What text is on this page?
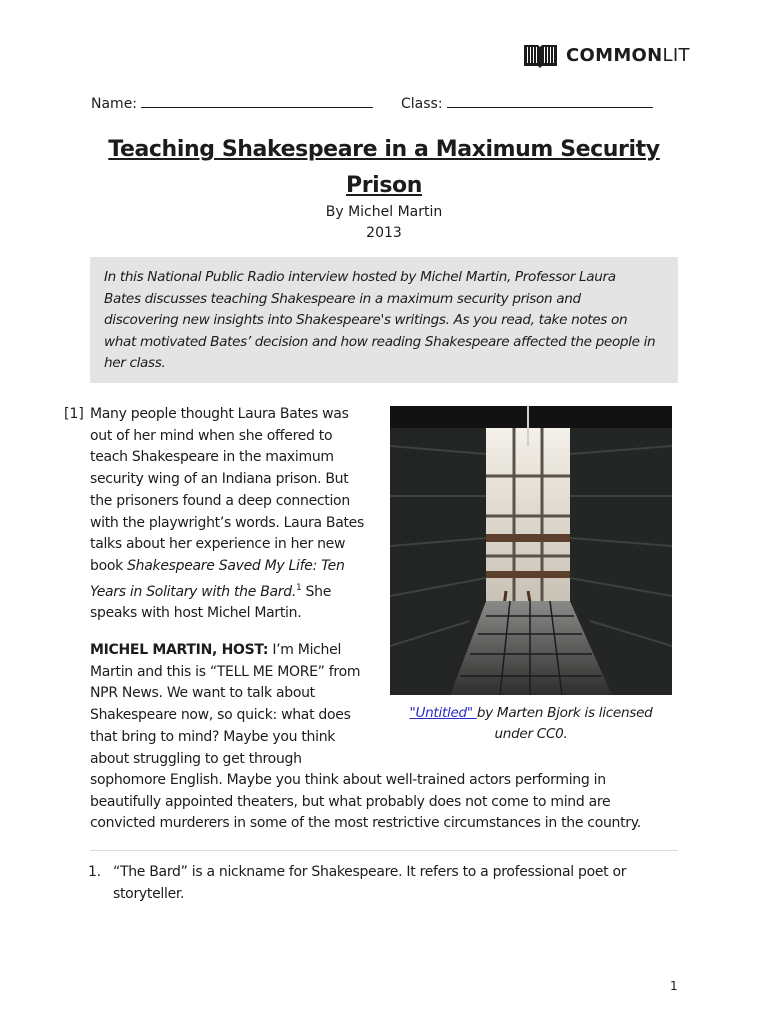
COMMONLIT
Name:	Class:
Teaching Shakespeare in a Maximum Security
Prison
By Michel Martin
2013
In this National Public Radio interview hosted by Michel Martin, Professor Laura
Bates discusses teaching Shakespeare in a maximum security prison and
discovering new insights into Shakespeare's writings. As you read, take notes on
what motivated Bates’ decision and how reading Shakespeare affected the people in
her class.
[1] Many people thought Laura Bates was
out of her mind when she offered to
teach Shakespeare in the maximum
security wing of an Indiana prison. But
the prisoners found a deep connection
with the playwright’s words. Laura Bates
talks about her experience in her new
book Shakespeare Saved My Life: Ten
Years in Solitary with the Bard.$^1$ She
speaks with host Michel Martin.
MICHEL MARTIN, HOST: I’m Michel
Martin and this is “TELL ME MORE” from
NPR News. We want to talk about
Shakespeare now, so quick: what does
that bring to mind? Maybe you think
about struggling to get through
sophomore English. Maybe you think about well-trained actors performing in
beautifully appointed theaters, but what probably does not come to mind are
convicted murderers in some of the most restrictive circumstances in the country.
"Untitled" by Marten Bjork is licensed
under CC0.
1. “The Bard” is a nickname for Shakespeare. It refers to a professional poet or
storyteller.
1
